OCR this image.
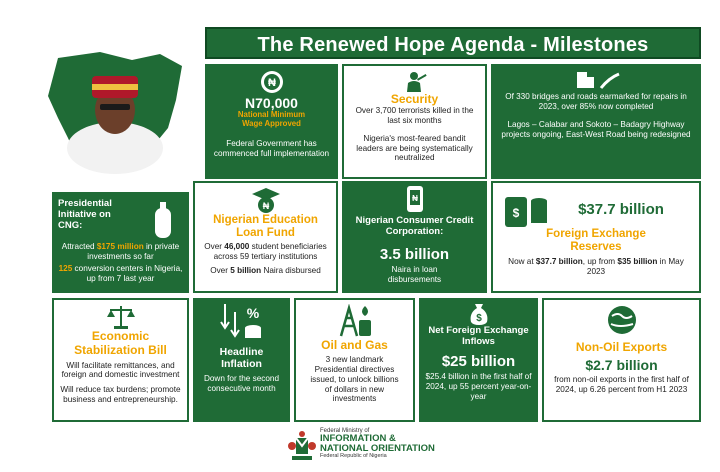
The Renewed Hope Agenda - Milestones
₦
N70,000
National Minimum
Wage Approved
Federal Government has commenced full implementation
Security
Over 3,700 terrorists killed in the last six months
Nigeria's most-feared bandit leaders are being systematically neutralized
Of 330 bridges and roads earmarked for repairs in 2023, over 85% now completed
Lagos – Calabar and Sokoto – Badagry Highway projects ongoing, East-West Road being redesigned
Presidential Initiative on CNG:
Attracted $175 million in private investments so far
125 conversion centers in Nigeria, up from 7 last year
₦
Nigerian Education Loan Fund
Over 46,000 student beneficiaries across 59 tertiary institutions
Over 5 billion Naira disbursed
₦
Nigerian Consumer Credit Corporation:
3.5 billion
Naira in loan disbursements
$	$37.7 billion
Foreign Exchange Reserves
Now at $37.7 billion, up from $35 billion in May 2023
Economic Stabilization Bill
Will facilitate remittances, and foreign and domestic investment
Will reduce tax burdens; promote business and entrepreneurship.
%
Headline Inflation
Down for the second consecutive month
Oil and Gas
3 new landmark Presidential directives issued, to unlock billions of dollars in new investments
$
Net Foreign Exchange Inflows
$25 billion
$25.4 billion in the first half of 2024, up 55 percent year-on-year
Non-Oil Exports
$2.7 billion
from non-oil exports in the first half of 2024, up 6.26 percent from H1 2023
Federal Ministry of
INFORMATION &
NATIONAL ORIENTATION
Federal Republic of Nigeria
